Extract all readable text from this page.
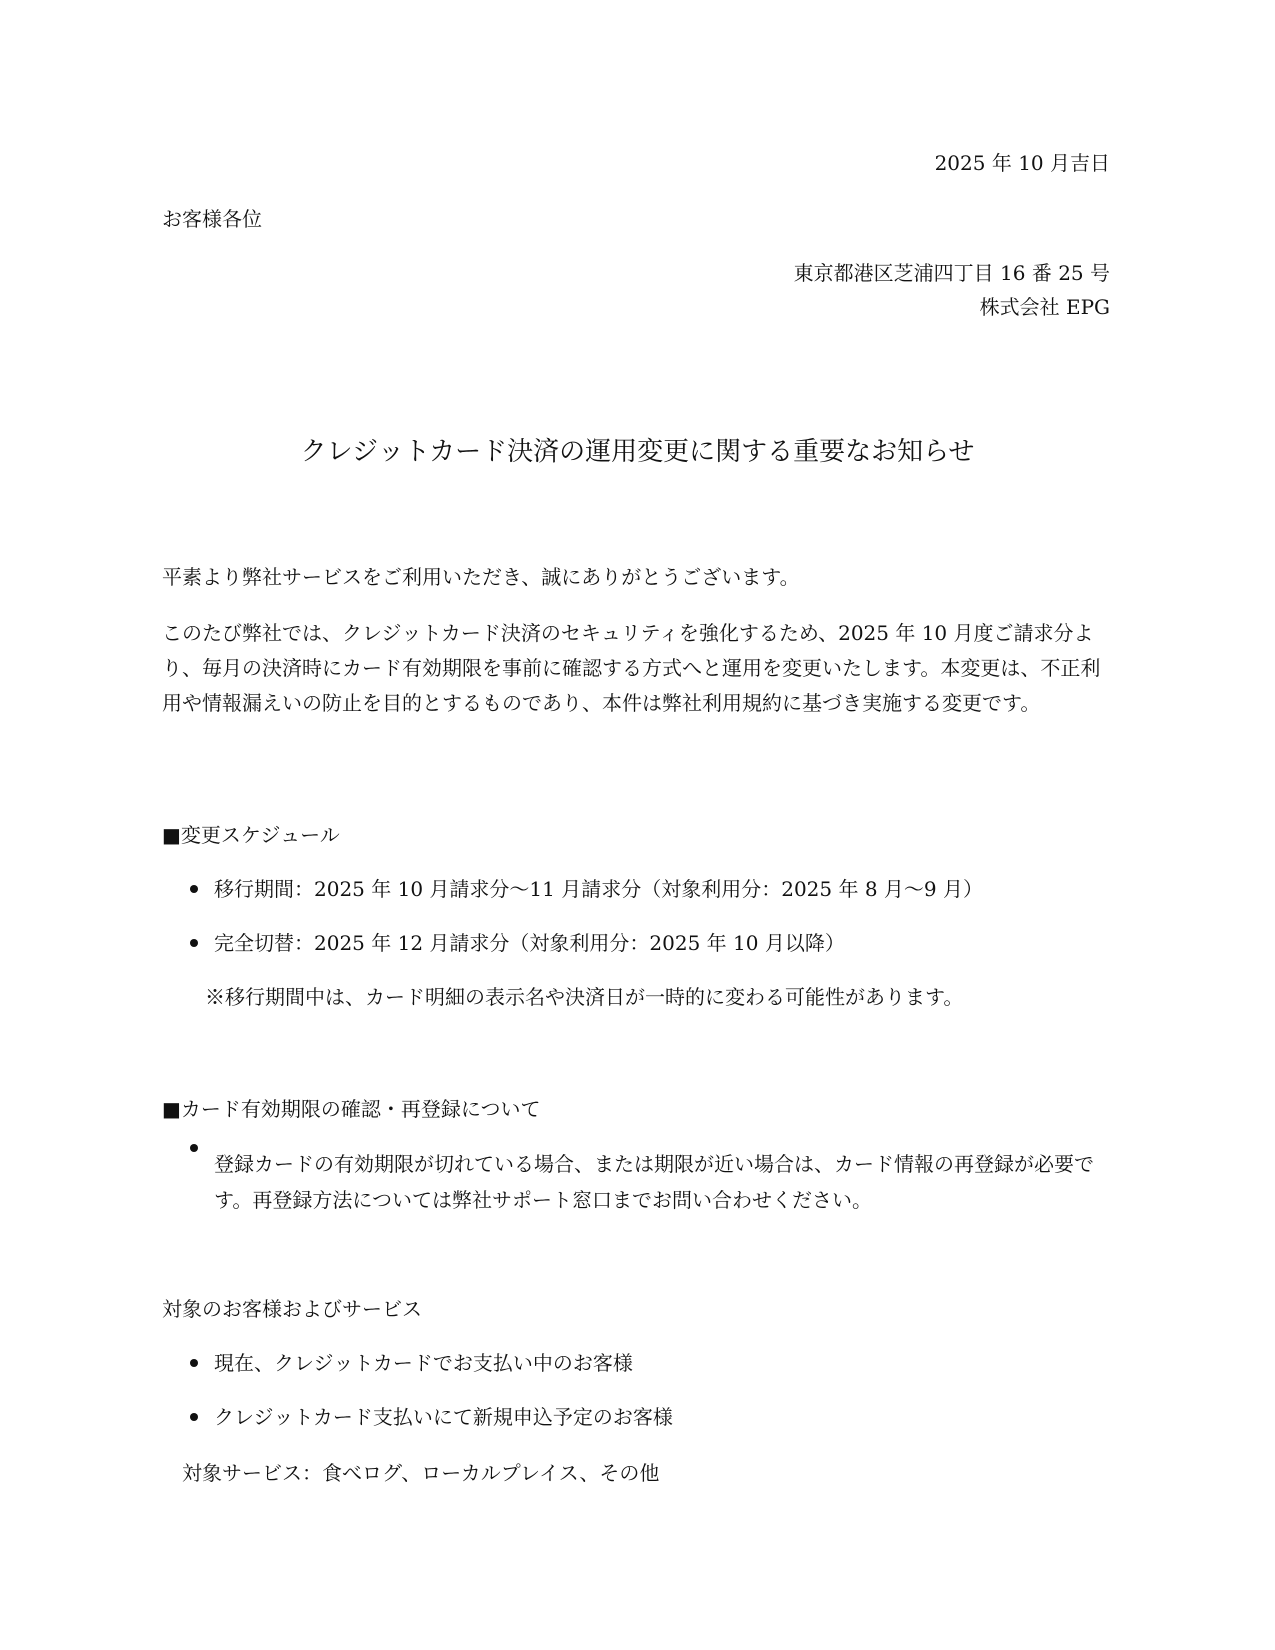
2025 年 10 月吉日
お客様各位
東京都港区芝浦四丁目 16 番 25 号
株式会社 EPG
クレジットカード決済の運用変更に関する重要なお知らせ
平素より弊社サービスをご利用いただき、誠にありがとうございます。
このたび弊社では、クレジットカード決済のセキュリティを強化するため、2025 年 10 月度ご請求分より、毎月の決済時にカード有効期限を事前に確認する方式へと運用を変更いたします。本変更は、不正利用や情報漏えいの防止を目的とするものであり、本件は弊社利用規約に基づき実施する変更です。
■変更スケジュール
移行期間：2025 年 10 月請求分～11 月請求分（対象利用分：2025 年 8 月～9 月）
完全切替：2025 年 12 月請求分（対象利用分：2025 年 10 月以降）
※移行期間中は、カード明細の表示名や決済日が一時的に変わる可能性があります。
■カード有効期限の確認・再登録について
登録カードの有効期限が切れている場合、または期限が近い場合は、カード情報の再登録が必要です。再登録方法については弊社サポート窓口までお問い合わせください。
対象のお客様およびサービス
現在、クレジットカードでお支払い中のお客様
クレジットカード支払いにて新規申込予定のお客様
対象サービス：食べログ、ローカルプレイス、その他
